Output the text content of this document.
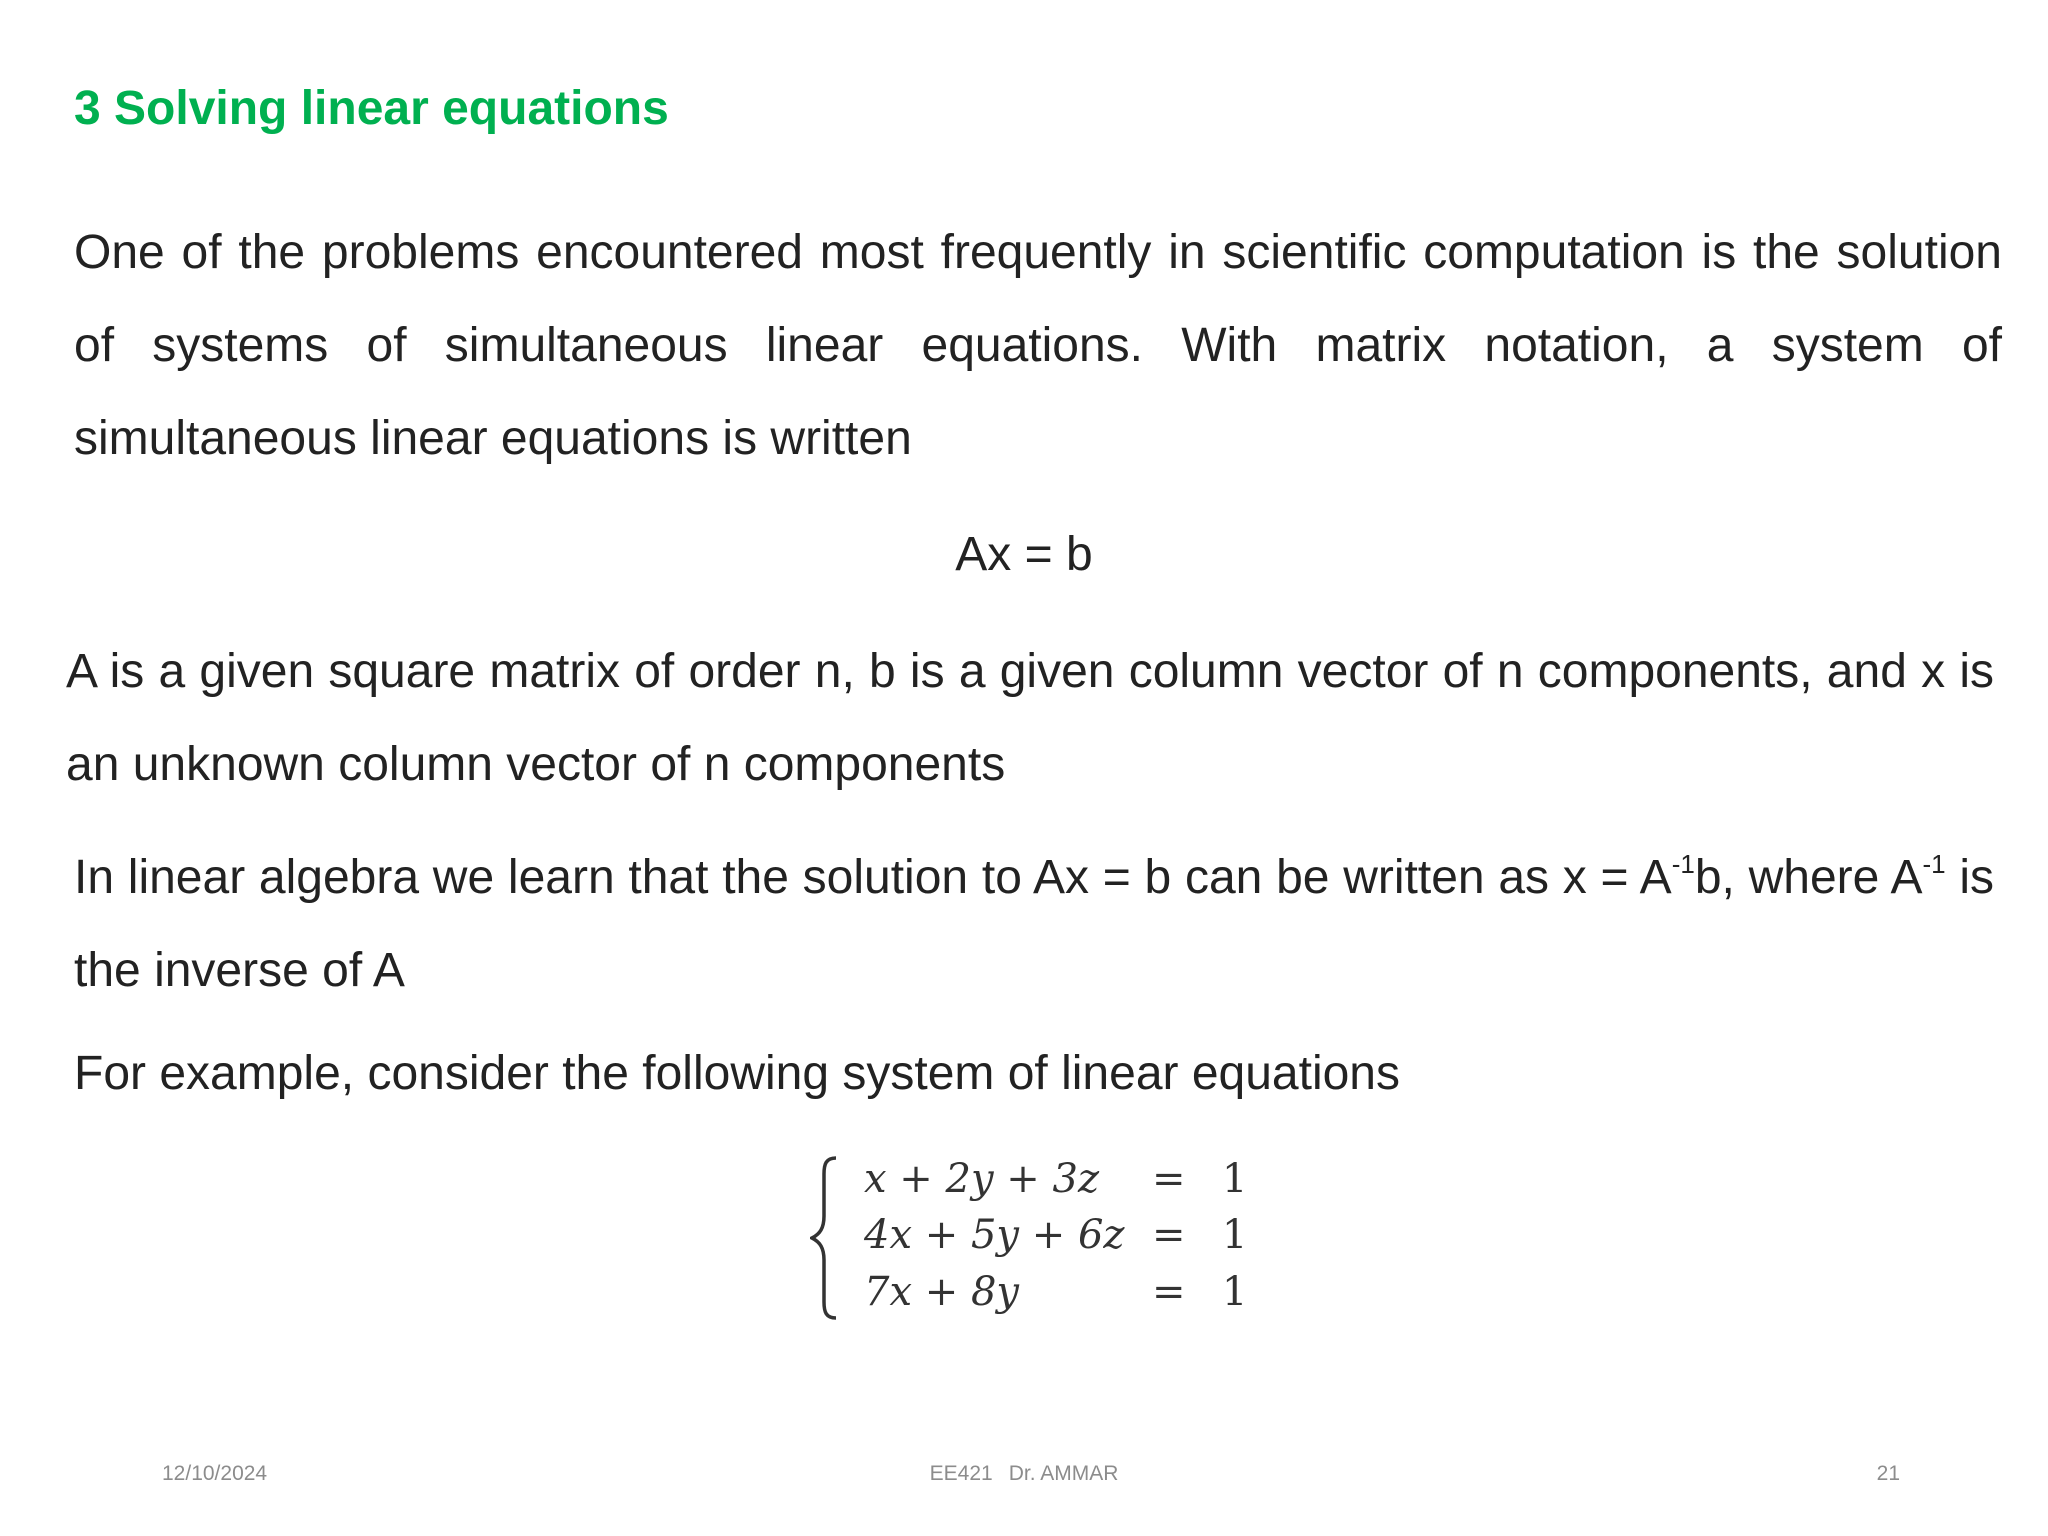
3 Solving linear equations

One of the problems encountered most frequently in scientific computation is the solution of systems of simultaneous linear equations. With matrix notation, a system of simultaneous linear equations is written

Ax = b

A is a given square matrix of order n, b is a given column vector of n components, and x is an unknown column vector of n components

In linear algebra we learn that the solution to Ax = b can be written as $x = A^{-1}b$, where $A^{-1}$ is the inverse of A

For example, consider the following system of linear equations

x + 2y + 3z = 1
4x + 5y + 6z = 1
7x + 8y	= 1
12/10/2024	EE421 Dr. AMMAR	21
